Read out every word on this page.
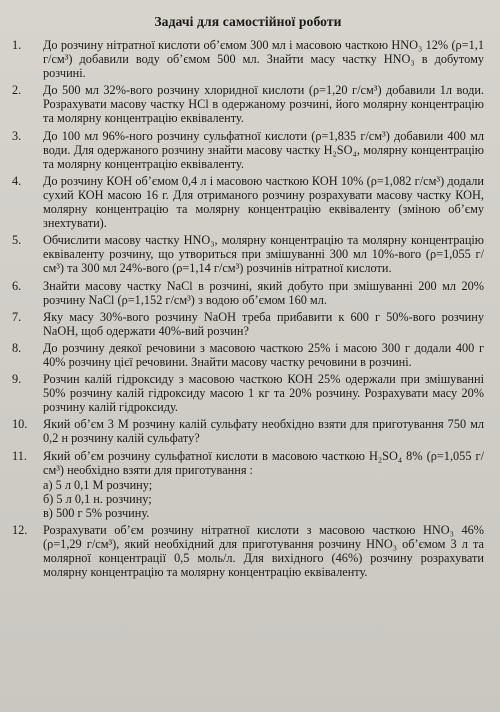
Задачі для самостійної роботи
1.	До розчину нітратної кислоти об’ємом 300 мл і масовою часткою HNO₃ 12% (ρ=1,1 г/см³) добавили воду об’ємом 500 мл. Знайти масу частку HNO₃ в добутому розчині.
2.	До 500 мл 32%-вого розчину хлоридної кислоти (ρ=1,20 г/см³) добавили 1л води. Розрахувати масову частку HCl в одержаному розчині, його молярну концентрацію та молярну концентрацію еквіваленту.
3.	До 100 мл 96%-ного розчину сульфатної кислоти (ρ=1,835 г/см³) добавили 400 мл води. Для одержаного розчину знайти масову частку H₂SO₄, молярну концентрацію та молярну концентрацію еквіваленту.
4.	До розчину КОН об’ємом 0,4 л і масовою часткою КОН 10% (ρ=1,082 г/см³) додали сухий КОН масою 16 г. Для отриманого розчину розрахувати масову частку КОН, молярну концентрацію та молярну концентрацію еквіваленту (зміною об’єму знехтувати).
5.	Обчислити масову частку HNO₃, молярну концентрацію та молярну концентрацію еквіваленту розчину, що утвориться при змішуванні 300 мл 10%-вого (ρ=1,055 г/см³) та 300 мл 24%-вого (ρ=1,14 г/см³) розчинів нітратної кислоти.
6.	Знайти масову частку NaCl в розчині, який добуто при змішуванні 200 мл 20% розчину NaCl (ρ=1,152 г/см³) з водою об’ємом 160 мл.
7.	Яку масу 30%-вого розчину NaOH треба прибавити к 600 г 50%-вого розчину NaOH, щоб одержати 40%-вий розчин?
8.	До розчину деякої речовини з масовою часткою 25% і масою 300 г додали 400 г 40% розчину цієї речовини. Знайти масову частку речовини в розчині.
9.	Розчин калій гідроксиду з масовою часткою КОН 25% одержали при змішуванні 50% розчину калій гідроксиду масою 1 кг та 20% розчину. Розрахувати масу 20% розчину калій гідроксиду.
10.	Який об’єм 3 М розчину калій сульфату необхідно взяти для приготування 750 мл 0,2 н розчину калій сульфату?
11.	Який об’єм розчину сульфатної кислоти в масовою часткою H₂SO₄ 8% (ρ=1,055 г/см³) необхідно взяти для приготування :
а) 5 л 0,1 М розчину;
б) 5 л 0,1 н. розчину;
в) 500 г 5% розчину.
12.	Розрахувати об’єм розчину нітратної кислоти з масовою часткою HNO₃ 46% (ρ=1,29 г/см³), який необхідний для приготування розчину HNO₃ об’ємом 3 л та молярної концентрації 0,5 моль/л. Для вихідного (46%) розчину розрахувати молярну концентрацію та молярну концентрацію еквіваленту.
